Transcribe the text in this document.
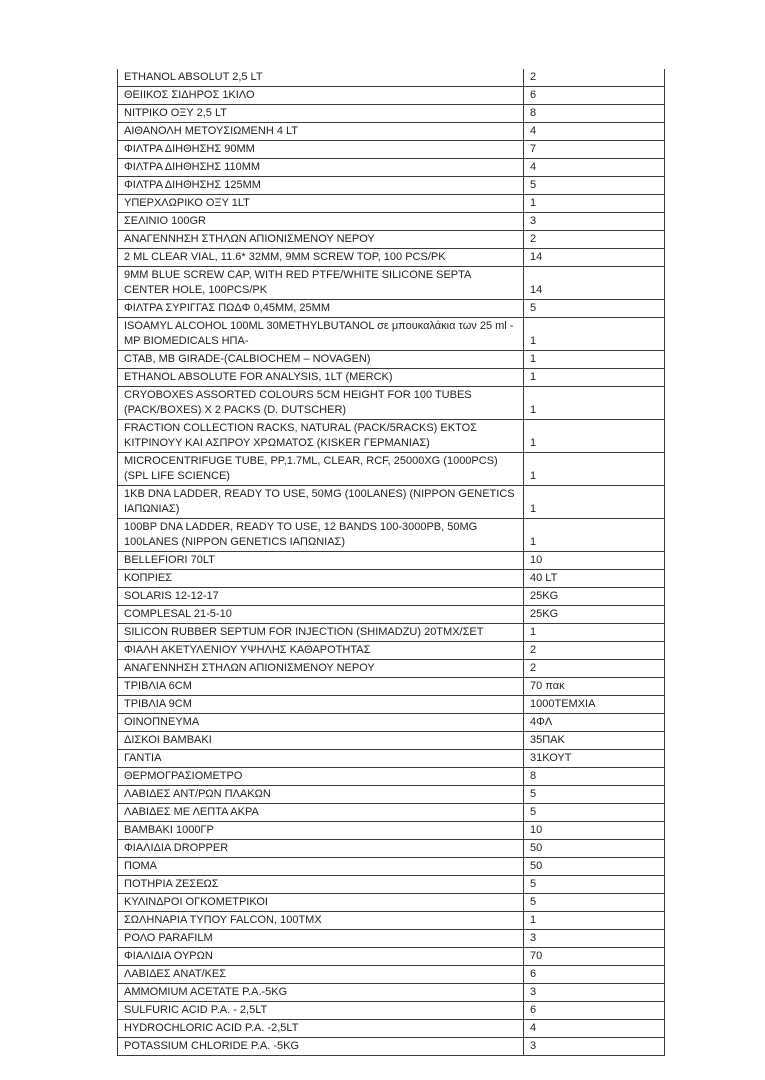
ETHANOL ABSOLUT 2,5 LT	2
ΘΕΙΙΚΟΣ ΣΙΔΗΡΟΣ 1ΚΙΛΟ	6
ΝΙΤΡΙΚΟ ΟΞΥ 2,5 LT	8
ΑΙΘΑΝΟΛΗ ΜΕΤΟΥΣΙΩΜΕΝΗ 4 LT	4
ΦΙΛΤΡΑ ΔΙΗΘΗΣΗΣ 90ΜΜ	7
ΦΙΛΤΡΑ ΔΙΗΘΗΣΗΣ 110ΜΜ	4
ΦΙΛΤΡΑ ΔΙΗΘΗΣΗΣ 125ΜΜ	5
ΥΠΕΡΧΛΩΡΙΚΟ ΟΞΥ 1LT	1
ΣΕΛΙΝΙΟ 100GR	3
ΑΝΑΓΕΝΝΗΣΗ ΣΤΗΛΩΝ ΑΠΙΟΝΙΣΜΕΝΟΥ ΝΕΡΟΥ	2
2 ML CLEAR VIAL, 11.6* 32MM, 9MM SCREW TOP, 100 PCS/PK	14
9MM BLUE SCREW CAP, WITH RED PTFE/WHITE SILICONE SEPTA CENTER HOLE, 100PCS/PK	14
ΦΙΛΤΡΑ ΣΥΡΙΓΓΑΣ ΠΩΔΦ 0,45ΜΜ, 25ΜΜ	5
ISOAMYL ALCOHOL 100ML 30METHYLBUTANOL σε μπουκαλάκια των 25 ml - MP BIOMEDICALS ΗΠΑ-	1
CTAB, MB GIRADE-(CALBIOCHEM – NOVAGEN)	1
ETHANOL ABSOLUTE FOR ANALYSIS, 1LT (MERCK)	1
CRYOBOXES ASSORTED COLOURS 5CM HEIGHT FOR 100 TUBES (PACK/BOXES) X 2 PACKS (D. DUTSCHER)	1
FRACTION COLLECTION RACKS, NATURAL (PACK/5RACKS) ΕΚΤΟΣ ΚΙΤΡΙΝΟΥΥ ΚΑΙ ΑΣΠΡΟΥ ΧΡΩΜΑΤΟΣ (KISKER ΓΕΡΜΑΝΙΑΣ)	1
MICROCENTRIFUGE TUBE, PP,1.7ML, CLEAR, RCF, 25000XG (1000PCS) (SPL LIFE SCIENCE)	1
1KB DNA LADDER, READY TO USE, 50MG (100LANES) (NIPPON GENETICS ΙΑΠΩΝΙΑΣ)	1
100BP DNA LADDER, READY TO USE, 12 BANDS 100-3000PB, 50MG 100LANES (NIPPON GENETICS ΙΑΠΩΝΙΑΣ)	1
BELLEFIORI 70LT	10
ΚΟΠΡΙΕΣ	40 LT
SOLARIS 12-12-17	25KG
COMPLESAL 21-5-10	25KG
SILICON RUBBER SEPTUM FOR INJECTION (SHIMADZU) 20ΤΜΧ/ΣΕΤ	1
ΦΙΑΛΗ ΑΚΕΤΥΛΕΝΙΟΥ ΥΨΗΛΗΣ ΚΑΘΑΡΟΤΗΤΑΣ	2
ΑΝΑΓΕΝΝΗΣΗ ΣΤΗΛΩΝ ΑΠΙΟΝΙΣΜΕΝΟΥ ΝΕΡΟΥ	2
ΤΡΙΒΛΙΑ 6CM	70 πακ
ΤΡΙΒΛΙΑ 9CM	1000ΤΕΜΧΙΑ
ΟΙΝΟΠΝΕΥΜΑ	4ΦΛ
ΔΙΣΚΟΙ ΒΑΜΒΑΚΙ	35ΠΑΚ
ΓΑΝΤΙΑ	31ΚΟΥΤ
ΘΕΡΜΟΓΡΑΣΙΟΜΕΤΡΟ	8
ΛΑΒΙΔΕΣ ΑΝΤ/ΡΩΝ ΠΛΑΚΩΝ	5
ΛΑΒΙΔΕΣ ΜΕ ΛΕΠΤΑ ΑΚΡΑ	5
ΒΑΜΒΑΚΙ 1000ΓΡ	10
ΦΙΑΛΙΔΙΑ DROPPER	50
ΠΟΜΑ	50
ΠΟΤΗΡΙΑ ΖΕΣΕΩΣ	5
ΚΥΛΙΝΔΡΟΙ ΟΓΚΟΜΕΤΡΙΚΟΙ	5
ΣΩΛΗΝΑΡΙΑ ΤΥΠΟΥ FALCON, 100ΤΜΧ	1
ΡΟΛΟ PARAFILM	3
ΦΙΑΛΙΔΙΑ ΟΥΡΩΝ	70
ΛΑΒΙΔΕΣ ΑΝΑΤ/ΚΕΣ	6
AMMOMIUM ACETATE P.A.-5KG	3
SULFURIC ACID P.A. - 2,5LT	6
HYDROCHLORIC ACID P.A. -2,5LT	4
POTASSIUM CHLORIDE P.A. -5KG	3
